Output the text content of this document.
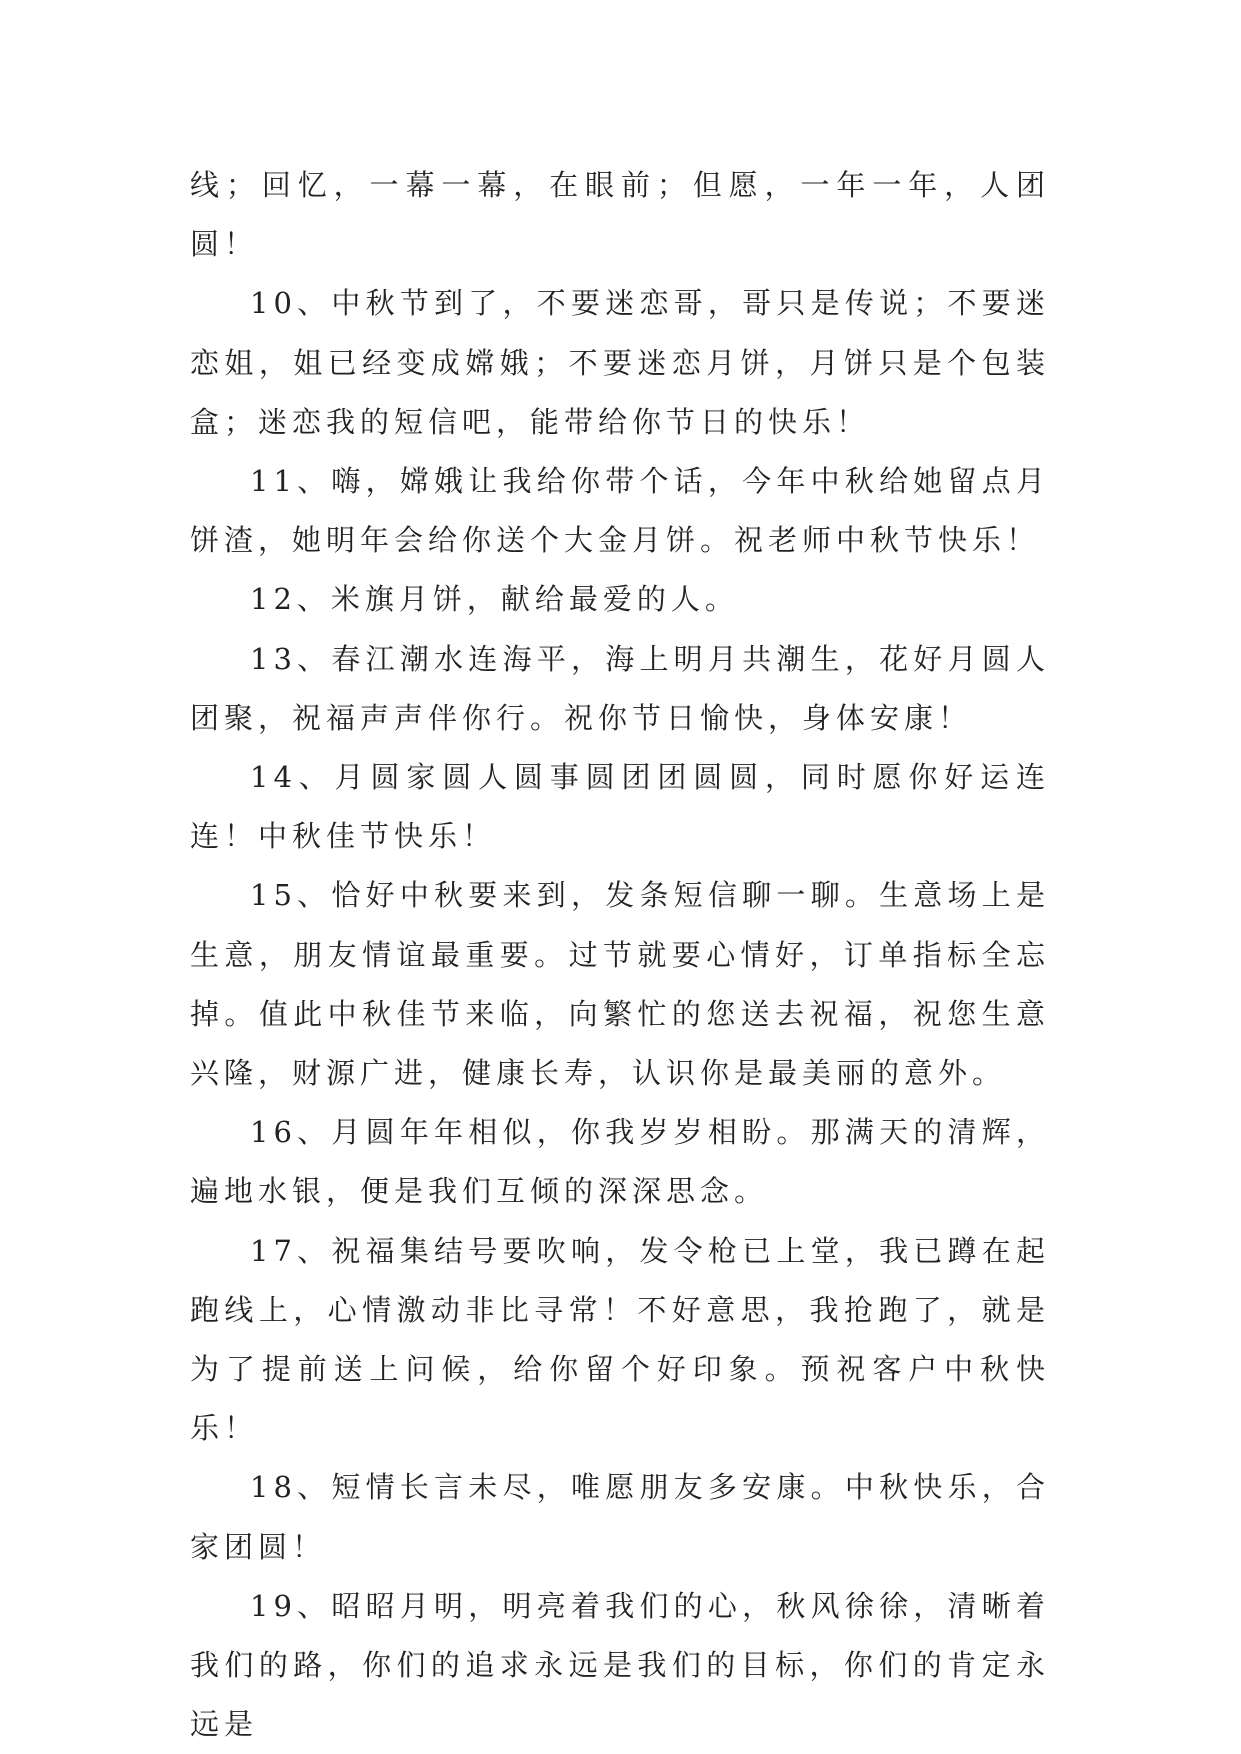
线；回忆，一幕一幕，在眼前；但愿，一年一年，人团圆！

10、中秋节到了，不要迷恋哥，哥只是传说；不要迷恋姐，姐已经变成嫦娥；不要迷恋月饼，月饼只是个包装盒；迷恋我的短信吧，能带给你节日的快乐！

11、嗨，嫦娥让我给你带个话，今年中秋给她留点月饼渣，她明年会给你送个大金月饼。祝老师中秋节快乐！

12、米旗月饼，献给最爱的人。

13、春江潮水连海平，海上明月共潮生，花好月圆人团聚，祝福声声伴你行。祝你节日愉快，身体安康！

14、月圆家圆人圆事圆团团圆圆，同时愿你好运连连！中秋佳节快乐！

15、恰好中秋要来到，发条短信聊一聊。生意场上是生意，朋友情谊最重要。过节就要心情好，订单指标全忘掉。值此中秋佳节来临，向繁忙的您送去祝福，祝您生意兴隆，财源广进，健康长寿，认识你是最美丽的意外。

16、月圆年年相似，你我岁岁相盼。那满天的清辉，遍地水银，便是我们互倾的深深思念。

17、祝福集结号要吹响，发令枪已上堂，我已蹲在起跑线上，心情激动非比寻常！不好意思，我抢跑了，就是为了提前送上问候，给你留个好印象。预祝客户中秋快乐！

18、短情长言未尽，唯愿朋友多安康。中秋快乐，合家团圆！

19、昭昭月明，明亮着我们的心，秋风徐徐，清晰着我们的路，你们的追求永远是我们的目标，你们的肯定永远是
